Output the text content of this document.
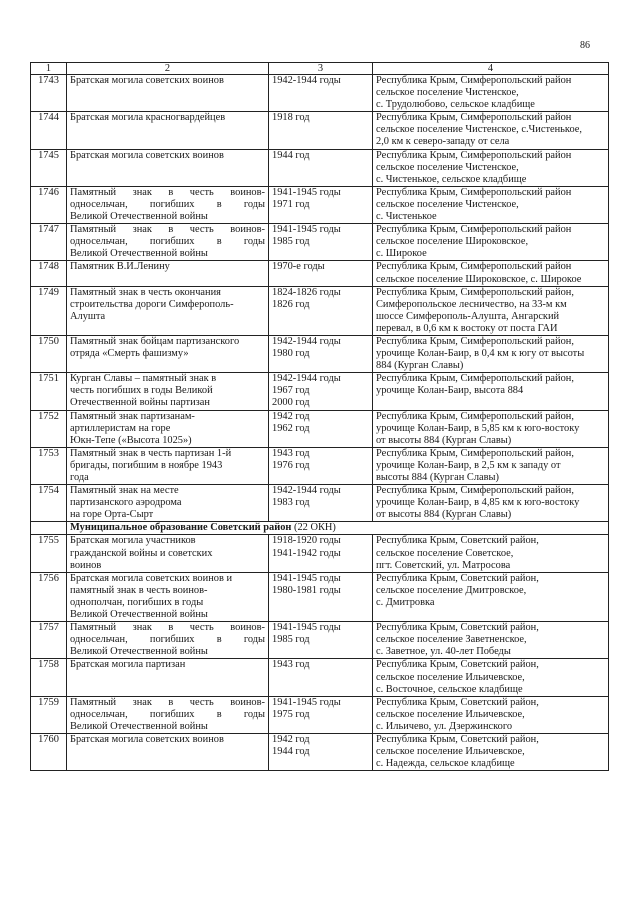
86
1	2	3	4
1743	Братская могила советских воинов	1942-1944 годы	Республика Крым, Симферопольский район
сельское поселение Чистенское,
с. Трудолюбово, сельское кладбище

1744	Братская могила красногвардейцев	1918 год	Республика Крым, Симферопольский район
сельское поселение Чистенское, с.Чистенькое,
2,0 км к северо-западу от села

1745	Братская могила советских воинов	1944 год	Республика Крым, Симферопольский район
сельское поселение Чистенское,
с. Чистенькое, сельское кладбище

1746	Памятный знак в честь воинов-
односельчан, погибших в годы
Великой Отечественной войны	1941-1945 годы
1971 год	Республика Крым, Симферопольский район
сельское поселение Чистенское,
с. Чистенькое

1747	Памятный знак в честь воинов-
односельчан, погибших в годы
Великой Отечественной войны	1941-1945 годы
1985 год	Республика Крым, Симферопольский район
сельское поселение Широковское,
с. Широкое

1748	Памятник В.И.Ленину	1970-е годы	Республика Крым, Симферопольский район
сельское поселение Широковское, с. Широкое

1749	Памятный знак в честь окончания
строительства дороги Симферополь-
Алушта	1824-1826 годы
1826 год	Республика Крым, Симферопольский район,
Симферопольское лесничество, на 33-м км
шоссе Симферополь-Алушта, Ангарский
перевал, в 0,6 км к востоку от поста ГАИ

1750	Памятный знак бойцам партизанского
отряда «Смерть фашизму»	1942-1944 годы
1980 год	Республика Крым, Симферопольский район,
урочище Колан-Баир, в 0,4 км к югу от высоты
884 (Курган Славы)

1751	Курган Славы – памятный знак в
честь погибших в годы Великой
Отечественной войны партизан	1942-1944 годы
1967 год
2000 год	Республика Крым, Симферопольский район,
урочище Колан-Баир, высота 884

1752	Памятный знак партизанам-
артиллеристам на горе
Юкн-Тепе («Высота 1025»)	1942 год
1962 год	Республика Крым, Симферопольский район,
урочище Колан-Баир, в 5,85 км к юго-востоку
от высоты 884 (Курган Славы)

1753	Памятный знак в честь партизан 1-й
бригады, погибшим в ноябре 1943
года	1943 год
1976 год	Республика Крым, Симферопольский район,
урочище Колан-Баир, в 2,5 км к западу от
высоты 884 (Курган Славы)

1754	Памятный знак на месте
партизанского аэродрома
на горе Орта-Сырт	1942-1944 годы
1983 год	Республика Крым, Симферопольский район,
урочище Колан-Баир, в 4,85 км к юго-востоку
от высоты 884 (Курган Славы)

	Муниципальное образование Советский район (22 ОКН)		
1755	Братская могила участников
гражданской войны и советских
воинов	1918-1920 годы
1941-1942 годы	Республика Крым, Советский район,
сельское поселение Советское,
пгт. Советский, ул. Матросова

1756	Братская могила советских воинов и
памятный знак в честь воинов-
однополчан, погибших в годы
Великой Отечественной войны	1941-1945 годы
1980-1981 годы	Республика Крым, Советский район,
сельское поселение Дмитровское,
с. Дмитровка

1757	Памятный знак в честь воинов-
односельчан, погибших в годы
Великой Отечественной войны	1941-1945 годы
1985 год	Республика Крым, Советский район,
сельское поселение Заветненское,
с. Заветное, ул. 40-лет Победы

1758	Братская могила партизан	1943 год	Республика Крым, Советский район,
сельское поселение Ильичевское,
с. Восточное, сельское кладбище

1759	Памятный знак в честь воинов-
односельчан, погибших в годы
Великой Отечественной войны	1941-1945 годы
1975 год	Республика Крым, Советский район,
сельское поселение Ильичевское,
с. Ильичево, ул. Дзержинского

1760	Братская могила советских воинов	1942 год
1944 год	Республика Крым, Советский район,
сельское поселение Ильичевское,
с. Надежда, сельское кладбище
